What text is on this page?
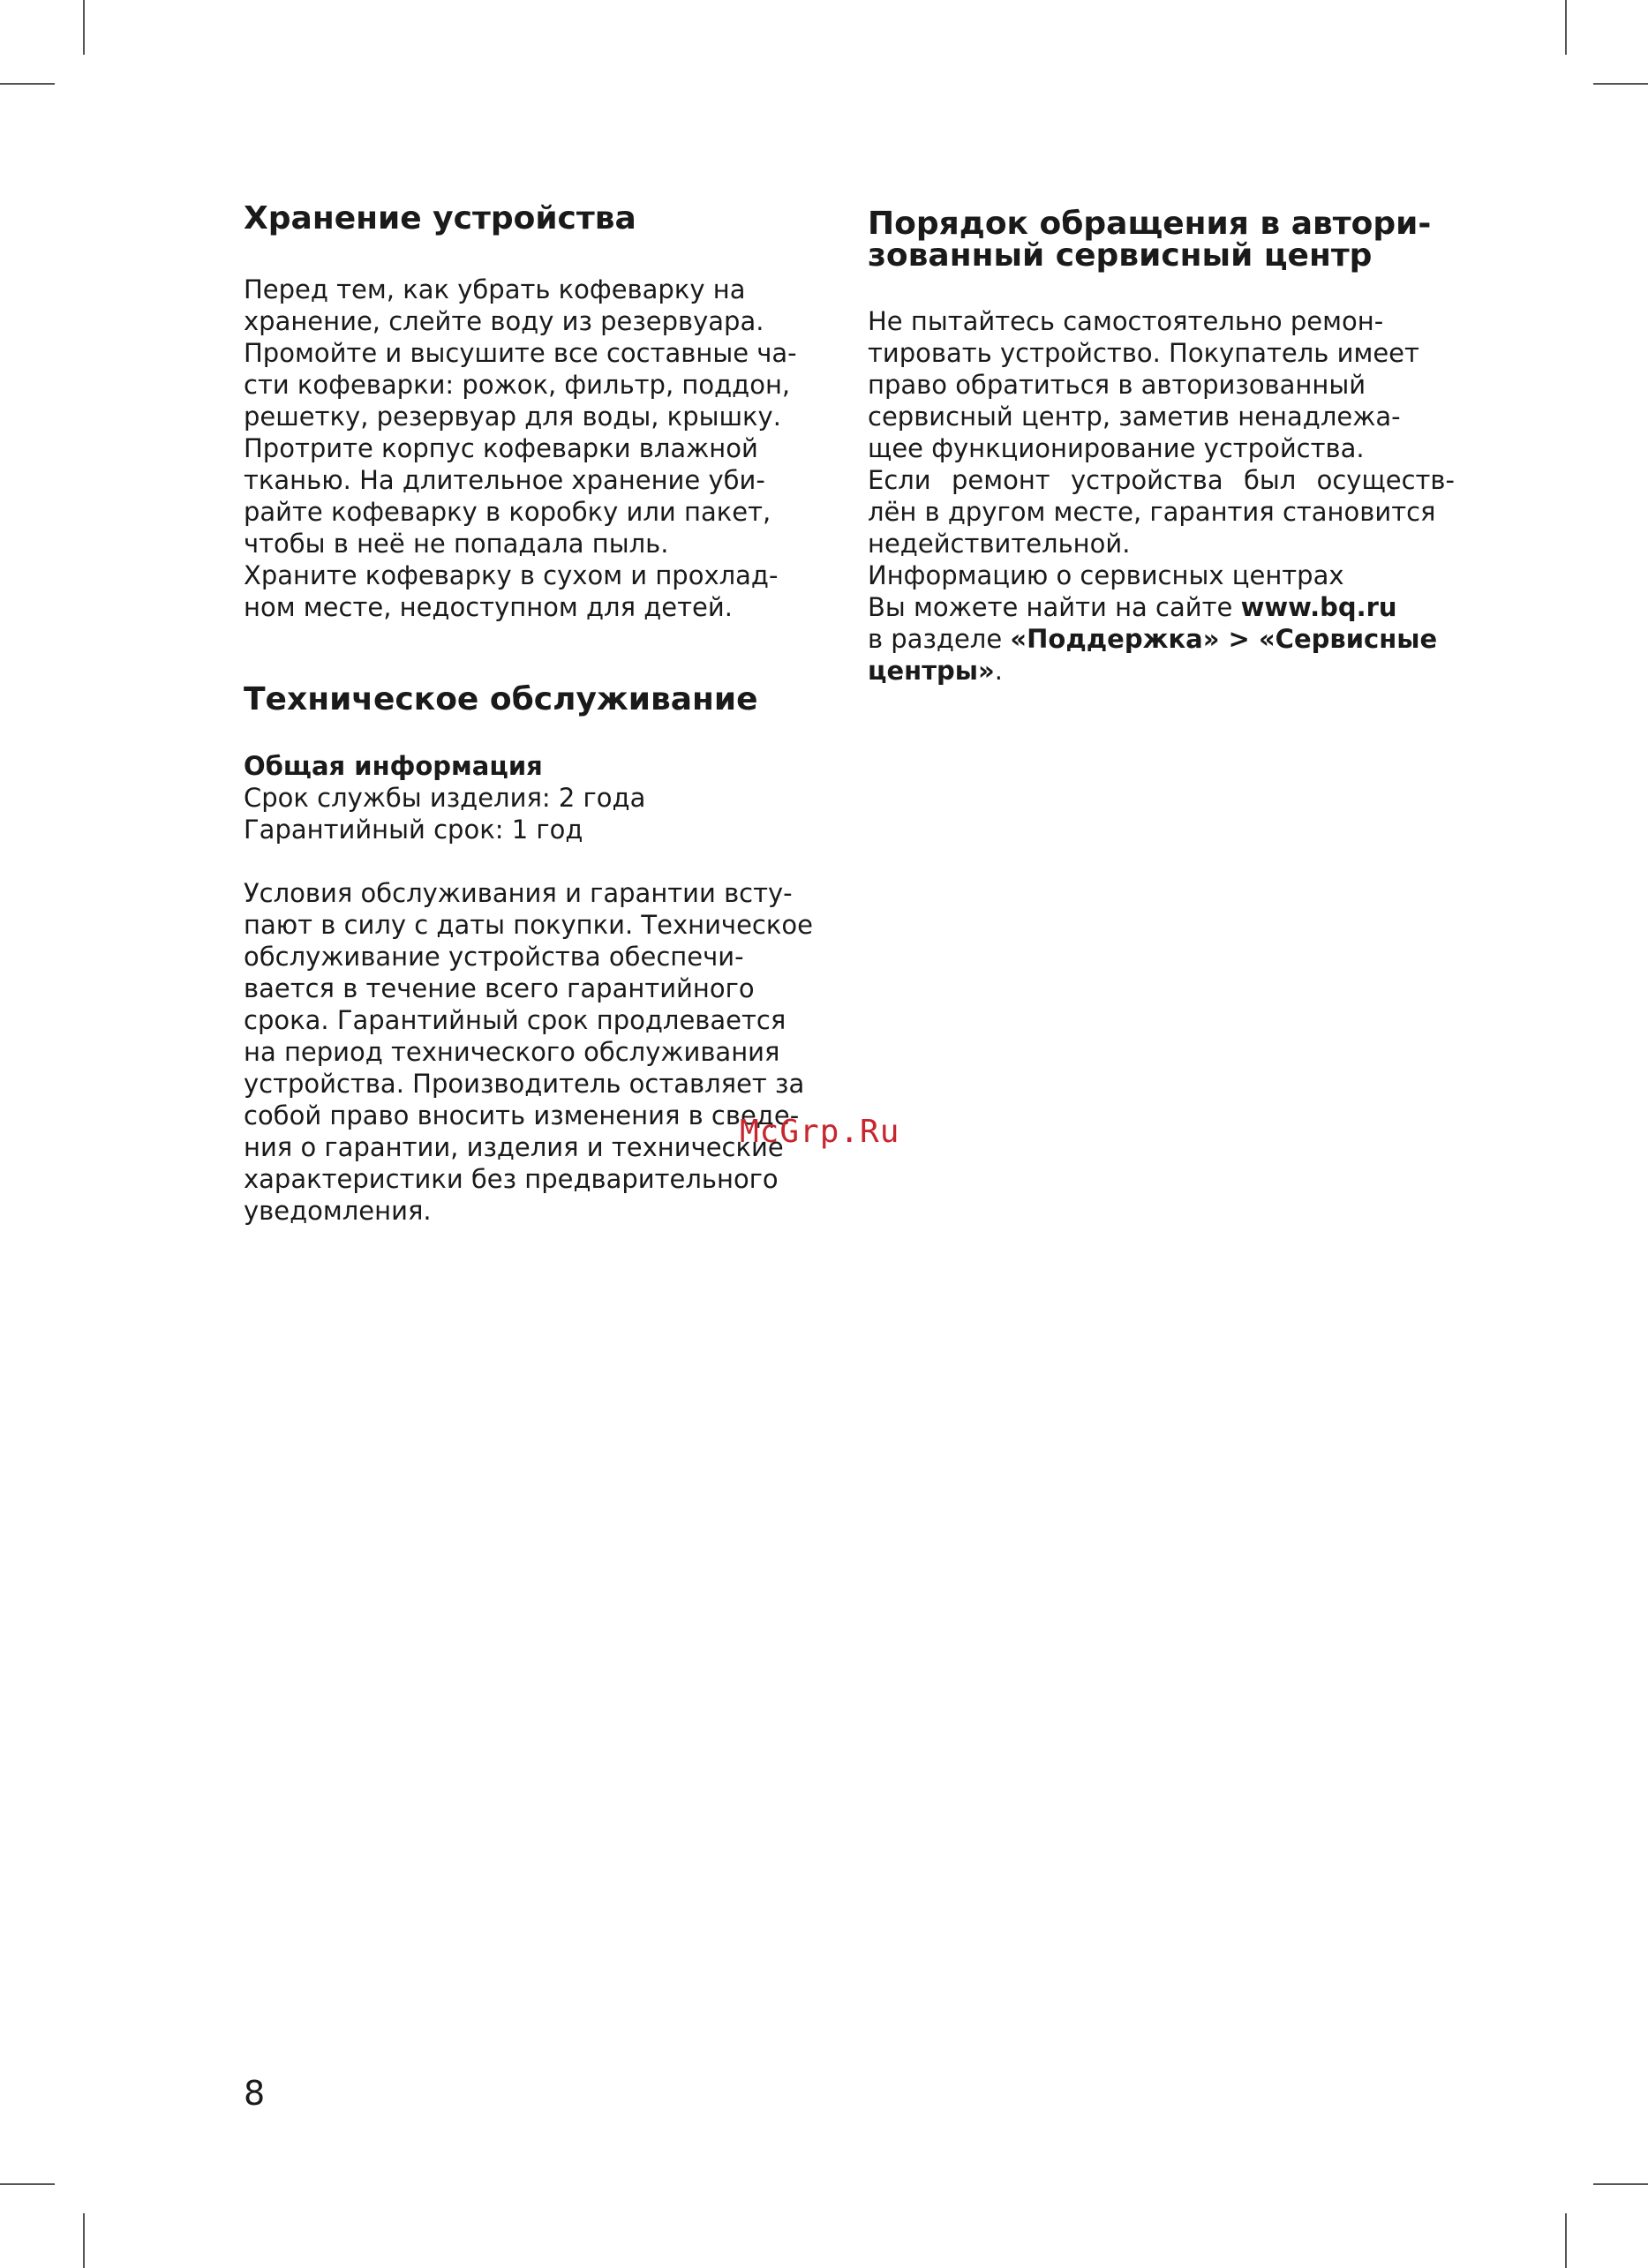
Хранение устройства
Перед тем, как убрать кофеварку на
хранение, слейте воду из резервуара.
Промойте и высушите все составные ча-
сти кофеварки: рожок, фильтр, поддон,
решетку, резервуар для воды, крышку.
Протрите корпус кофеварки влажной
тканью. На длительное хранение уби-
райте кофеварку в коробку или пакет,
чтобы в неё не попадала пыль.
Храните кофеварку в сухом и прохлад-
ном месте, недоступном для детей.
Техническое обслуживание
Общая информация
Срок службы изделия: 2 года
Гарантийный срок: 1 год
Условия обслуживания и гарантии всту-
пают в силу с даты покупки. Техническое
обслуживание устройства обеспечи-
вается в течение всего гарантийного
срока. Гарантийный срок продлевается
на период технического обслуживания
устройства. Производитель оставляет за
собой право вносить изменения в сведе-
ния о гарантии, изделия и технические
характеристики без предварительного
уведомления.
Порядок обращения в автори-
зованный сервисный центр
Не пытайтесь самостоятельно ремон-
тировать устройство. Покупатель имеет
право обратиться в авторизованный
сервисный центр, заметив ненадлежа-
щее функционирование устройства.
Если ремонт устройства был осуществ-
лён в другом месте, гарантия становится
недействительной.
Информацию о сервисных центрах
Вы можете найти на сайте www.bq.ru
в разделе «Поддержка» > «Сервисные
центры».
McGrp.Ru
8
